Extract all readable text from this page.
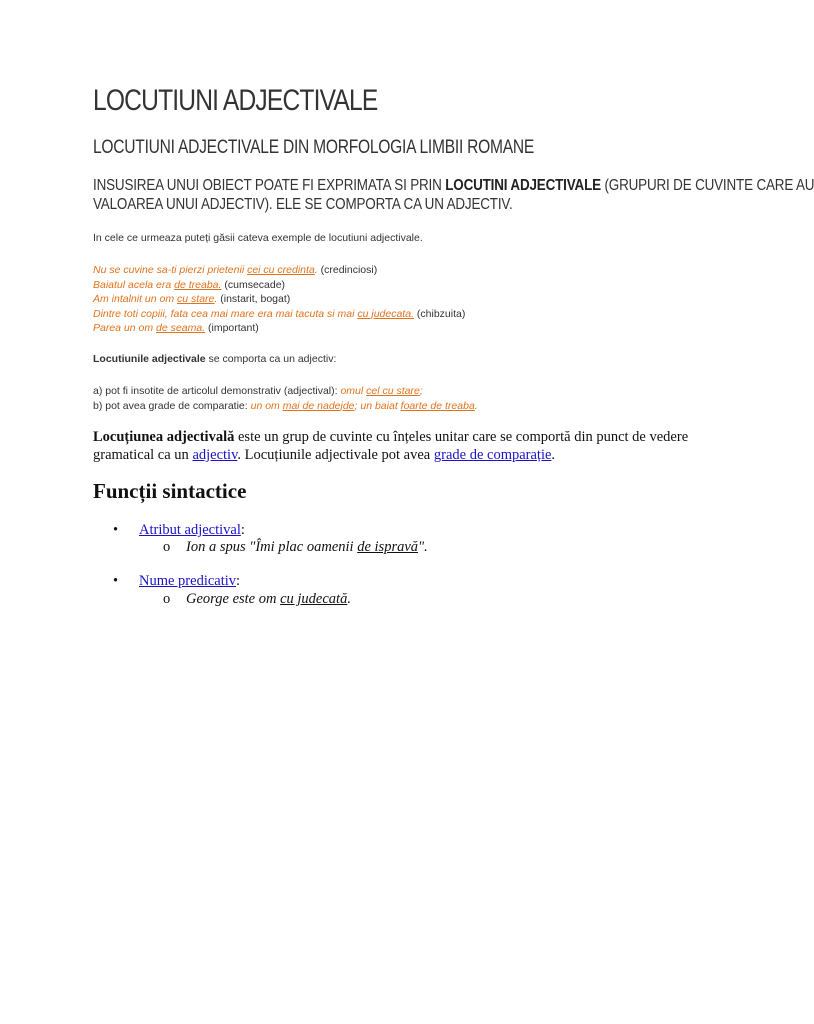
LOCUTIUNI ADJECTIVALE
LOCUTIUNI ADJECTIVALE DIN MORFOLOGIA LIMBII ROMANE
INSUSIREA UNUI OBIECT POATE FI EXPRIMATA SI PRIN LOCUTINI ADJECTIVALE (GRUPURI DE CUVINTE CARE AU
VALOAREA UNUI ADJECTIV). ELE SE COMPORTA CA UN ADJECTIV.
In cele ce urmeaza puteți găsii cateva exemple de locutiuni adjectivale.
Nu se cuvine sa-ti pierzi prietenii cei cu credinta. (credinciosi)
Baiatul acela era de treaba. (cumsecade)
Am intalnit un om cu stare. (instarit, bogat)
Dintre toti copiii, fata cea mai mare era mai tacuta si mai cu judecata. (chibzuita)
Parea un om de seama. (important)
Locutiunile adjectivale se comporta ca un adjectiv:
a) pot fi insotite de articolul demonstrativ (adjectival): omul cel cu stare;
b) pot avea grade de comparatie: un om mai de nadejde; un baiat foarte de treaba.
Locuțiunea adjectivală este un grup de cuvinte cu înțeles unitar care se comportă din punct de vedere gramatical ca un adjectiv. Locuțiunile adjectivale pot avea grade de comparație.
Funcții sintactice
• Atribut adjectival:
o Ion a spus "Îmi plac oamenii de ispravă".
• Nume predicativ:
o George este om cu judecată.
